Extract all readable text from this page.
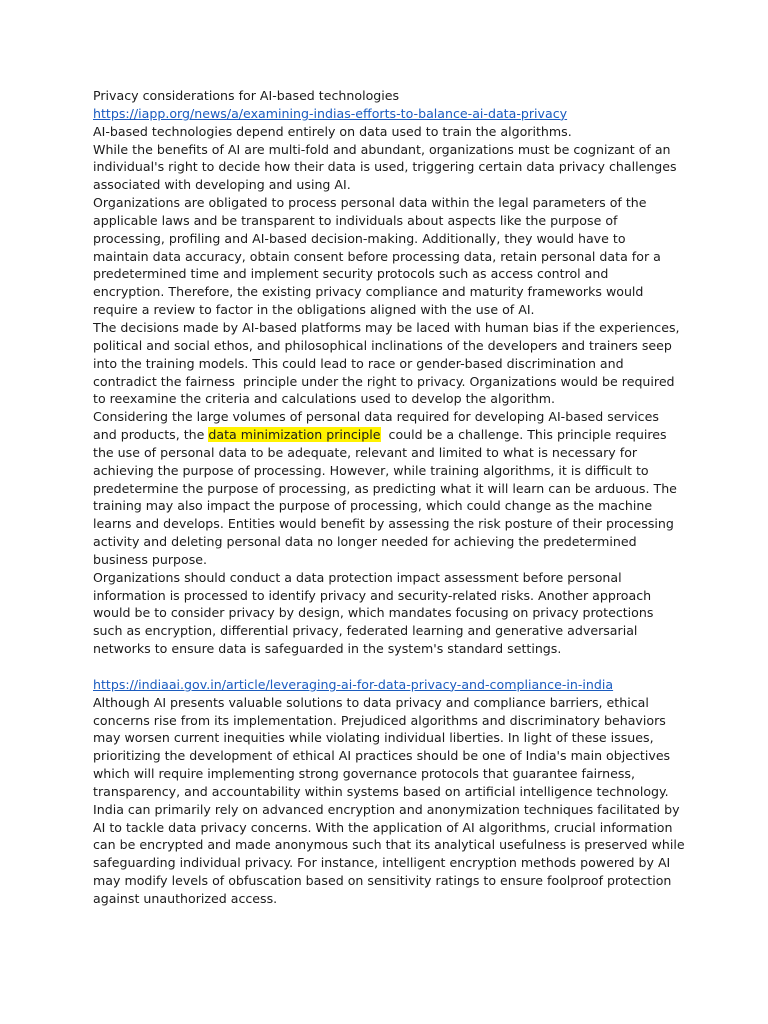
Privacy considerations for AI-based technologies
https://iapp.org/news/a/examining-indias-efforts-to-balance-ai-data-privacy
AI-based technologies depend entirely on data used to train the algorithms.
While the benefits of AI are multi-fold and abundant, organizations must be cognizant of an
individual's right to decide how their data is used, triggering certain data privacy challenges
associated with developing and using AI.
Organizations are obligated to process personal data within the legal parameters of the
applicable laws and be transparent to individuals about aspects like the purpose of
processing, profiling and AI-based decision-making. Additionally, they would have to
maintain data accuracy, obtain consent before processing data, retain personal data for a
predetermined time and implement security protocols such as access control and
encryption. Therefore, the existing privacy compliance and maturity frameworks would
require a review to factor in the obligations aligned with the use of AI.
The decisions made by AI-based platforms may be laced with human bias if the experiences,
political and social ethos, and philosophical inclinations of the developers and trainers seep
into the training models. This could lead to race or gender-based discrimination and
contradict the fairness  principle under the right to privacy. Organizations would be required
to reexamine the criteria and calculations used to develop the algorithm.
Considering the large volumes of personal data required for developing AI-based services
and products, the data minimization principle  could be a challenge. This principle requires
the use of personal data to be adequate, relevant and limited to what is necessary for
achieving the purpose of processing. However, while training algorithms, it is difficult to
predetermine the purpose of processing, as predicting what it will learn can be arduous. The
training may also impact the purpose of processing, which could change as the machine
learns and develops. Entities would benefit by assessing the risk posture of their processing
activity and deleting personal data no longer needed for achieving the predetermined
business purpose.
Organizations should conduct a data protection impact assessment before personal
information is processed to identify privacy and security-related risks. Another approach
would be to consider privacy by design, which mandates focusing on privacy protections
such as encryption, differential privacy, federated learning and generative adversarial
networks to ensure data is safeguarded in the system's standard settings.
https://indiaai.gov.in/article/leveraging-ai-for-data-privacy-and-compliance-in-india
Although AI presents valuable solutions to data privacy and compliance barriers, ethical
concerns rise from its implementation. Prejudiced algorithms and discriminatory behaviors
may worsen current inequities while violating individual liberties. In light of these issues,
prioritizing the development of ethical AI practices should be one of India's main objectives
which will require implementing strong governance protocols that guarantee fairness,
transparency, and accountability within systems based on artificial intelligence technology.
India can primarily rely on advanced encryption and anonymization techniques facilitated by
AI to tackle data privacy concerns. With the application of AI algorithms, crucial information
can be encrypted and made anonymous such that its analytical usefulness is preserved while
safeguarding individual privacy. For instance, intelligent encryption methods powered by AI
may modify levels of obfuscation based on sensitivity ratings to ensure foolproof protection
against unauthorized access.
